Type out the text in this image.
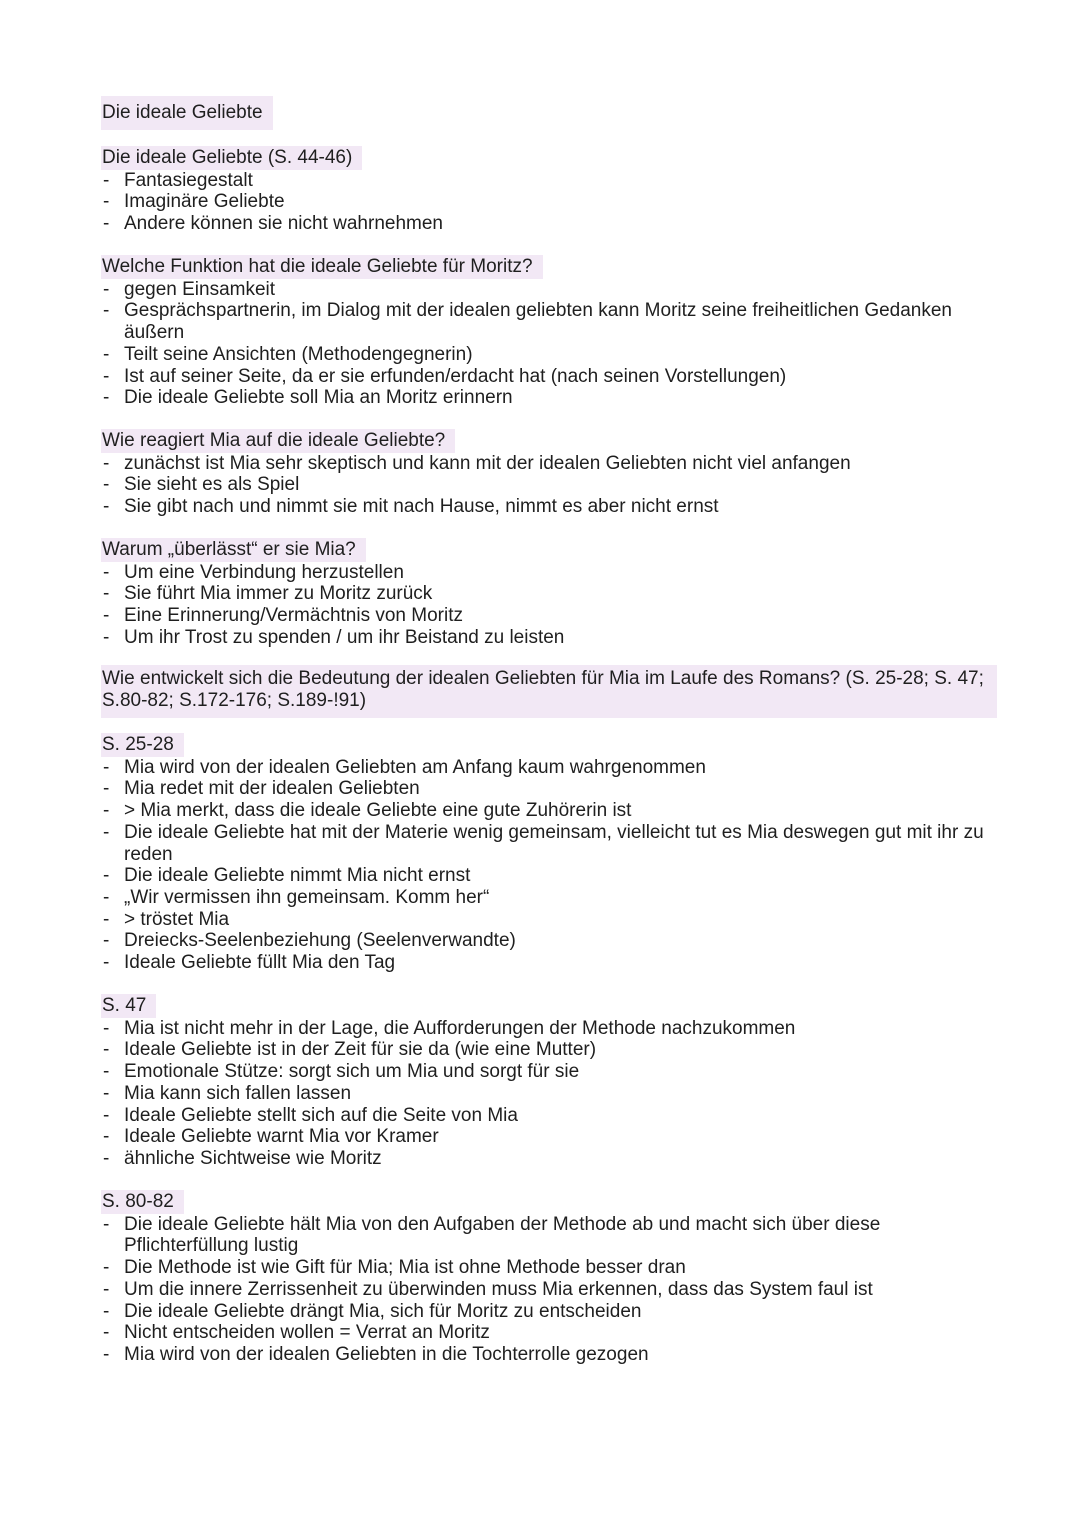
Die ideale Geliebte
Die ideale Geliebte (S. 44-46)
- Fantasiegestalt
- Imaginäre Geliebte
- Andere können sie nicht wahrnehmen
Welche Funktion hat die ideale Geliebte für Moritz?
- gegen Einsamkeit
- Gesprächspartnerin, im Dialog mit der idealen geliebten kann Moritz seine freiheitlichen Gedanken äußern
- Teilt seine Ansichten (Methodengegnerin)
- Ist auf seiner Seite, da er sie erfunden/erdacht hat (nach seinen Vorstellungen)
- Die ideale Geliebte soll Mia an Moritz erinnern
Wie reagiert Mia auf die ideale Geliebte?
- zunächst ist Mia sehr skeptisch und kann mit der idealen Geliebten nicht viel anfangen
- Sie sieht es als Spiel
- Sie gibt nach und nimmt sie mit nach Hause, nimmt es aber nicht ernst
Warum „überlässt“ er sie Mia?
- Um eine Verbindung herzustellen
- Sie führt Mia immer zu Moritz zurück
- Eine Erinnerung/Vermächtnis von Moritz
- Um ihr Trost zu spenden / um ihr Beistand zu leisten
Wie entwickelt sich die Bedeutung der idealen Geliebten für Mia im Laufe des Romans? (S. 25-28; S. 47; S.80-82; S.172-176; S.189-!91)
S. 25-28
- Mia wird von der idealen Geliebten am Anfang kaum wahrgenommen
- Mia redet mit der idealen Geliebten
- > Mia merkt, dass die ideale Geliebte eine gute Zuhörerin ist
- Die ideale Geliebte hat mit der Materie wenig gemeinsam, vielleicht tut es Mia deswegen gut mit ihr zu reden
- Die ideale Geliebte nimmt Mia nicht ernst
- „Wir vermissen ihn gemeinsam. Komm her“
- > tröstet Mia
- Dreiecks-Seelenbeziehung (Seelenverwandte)
- Ideale Geliebte füllt Mia den Tag
S. 47
- Mia ist nicht mehr in der Lage, die Aufforderungen der Methode nachzukommen
- Ideale Geliebte ist in der Zeit für sie da (wie eine Mutter)
- Emotionale Stütze: sorgt sich um Mia und sorgt für sie
- Mia kann sich fallen lassen
- Ideale Geliebte stellt sich auf die Seite von Mia
- Ideale Geliebte warnt Mia vor Kramer
- ähnliche Sichtweise wie Moritz
S. 80-82
- Die ideale Geliebte hält Mia von den Aufgaben der Methode ab und macht sich über diese Pflichterfüllung lustig
- Die Methode ist wie Gift für Mia; Mia ist ohne Methode besser dran
- Um die innere Zerrissenheit zu überwinden muss Mia erkennen, dass das System faul ist
- Die ideale Geliebte drängt Mia, sich für Moritz zu entscheiden
- Nicht entscheiden wollen = Verrat an Moritz
- Mia wird von der idealen Geliebten in die Tochterrolle gezogen
